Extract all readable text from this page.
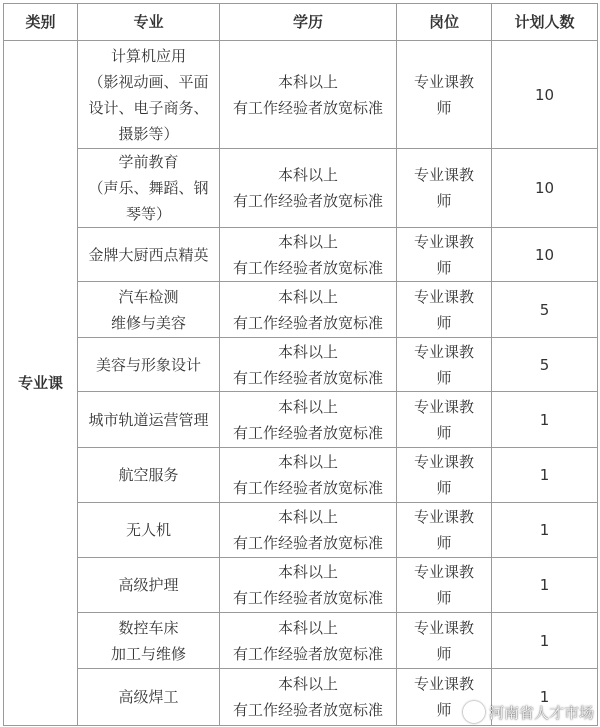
类别	专业	学历	岗位	计划人数
专业课	计算机应用
（影视动画、平面
设计、电子商务、
摄影等）	本科以上
有工作经验者放宽标准	专业课教
师	10

	学前教育
（声乐、舞蹈、钢
琴等）	本科以上
有工作经验者放宽标准	专业课教
师	10

	金牌大厨西点精英	本科以上
有工作经验者放宽标准	专业课教
师	10

	汽车检测
维修与美容	本科以上
有工作经验者放宽标准	专业课教
师	5

	美容与形象设计	本科以上
有工作经验者放宽标准	专业课教
师	5

	城市轨道运营管理	本科以上
有工作经验者放宽标准	专业课教
师	1

	航空服务	本科以上
有工作经验者放宽标准	专业课教
师	1

	无人机	本科以上
有工作经验者放宽标准	专业课教
师	1

	高级护理	本科以上
有工作经验者放宽标准	专业课教
师	1

	数控车床
加工与维修	本科以上
有工作经验者放宽标准	专业课教
师	1

	高级焊工	本科以上
有工作经验者放宽标准	专业课教
师	1
河南省人才市场
